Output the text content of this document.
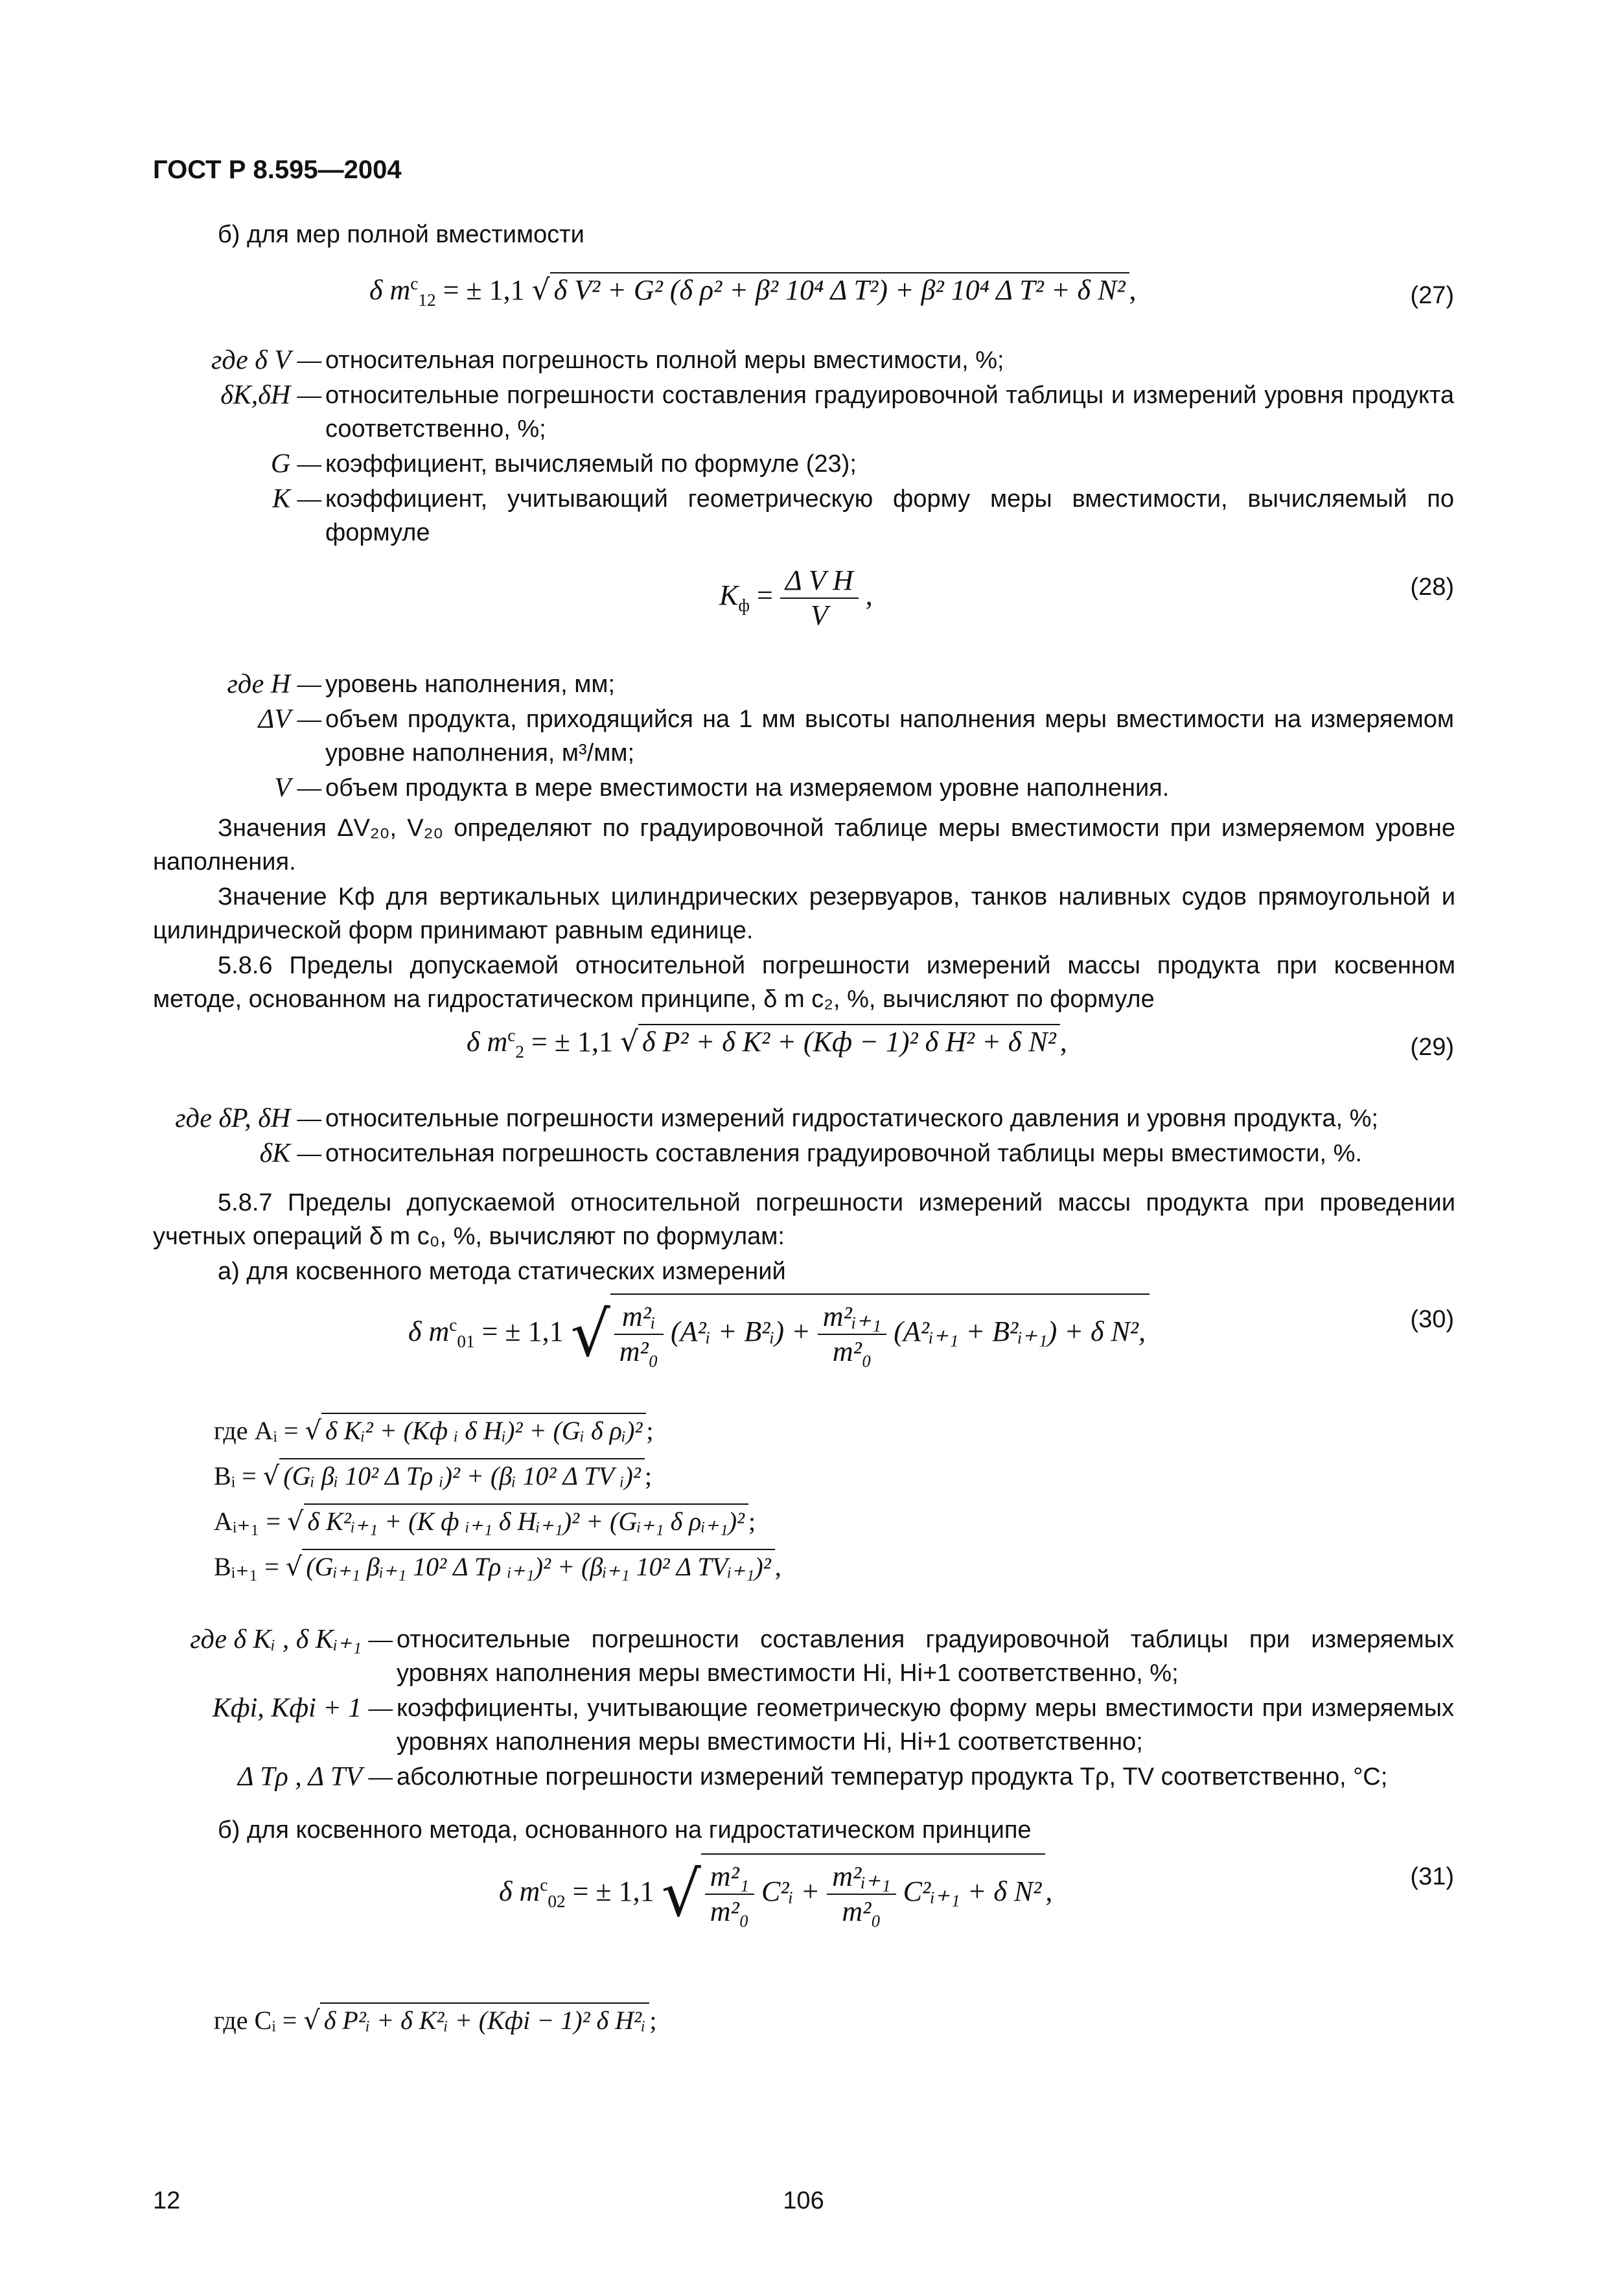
ГОСТ Р 8.595—2004
б) для мер полной вместимости
δ $m^с_{12}$ = ± 1,1 √ δ V² + G² (δ ρ² + β² 10⁴ Δ T²) + β² 10⁴ Δ T² + δ N² ,	(27)
где δ V — относительная погрешность полной меры вместимости, %;
δK,δH — относительные погрешности составления градуировочной таблицы и измерений уровня продукта соответственно, %;
G — коэффициент, вычисляемый по формуле (23);
K — коэффициент, учитывающий геометрическую форму меры вместимости, вычисляемый по формуле
$K_ф = \frac{\text{Δ V H}}{V}$ ,	(28)
где H — уровень наполнения, мм;
ΔV — объем продукта, приходящийся на 1 мм высоты наполнения меры вместимости на измеряемом уровне наполнения, м³/мм;
V — объем продукта в мере вместимости на измеряемом уровне наполнения.
Значения ΔV₂₀, V₂₀ определяют по градуировочной таблице меры вместимости при измеряемом уровне наполнения.
Значение Kф для вертикальных цилиндрических резервуаров, танков наливных судов прямоугольной и цилиндрической форм принимают равным единице.
5.8.6 Пределы допускаемой относительной погрешности измерений массы продукта при косвенном методе, основанном на гидростатическом принципе, δ m с₂, %, вычисляют по формуле
δ $m^с_2$ = ± 1,1 √ δ P² + δ K² + (Kф − 1)² δ H² + δ N² ,	(29)
где δP, δH — относительные погрешности измерений гидростатического давления и уровня продукта, %;
δK — относительная погрешность составления градуировочной таблицы меры вместимости, %.
5.8.7 Пределы допускаемой относительной погрешности измерений массы продукта при проведении учетных операций δ m с₀, %, вычисляют по формулам:
а) для косвенного метода статических измерений
δ $m^с_{01}$ = ± 1,1 √ $\frac{\text{m²ᵢ}}{\text{m²₀}}$ (A²ᵢ + B²ᵢ) + $\frac{\text{m²ᵢ₊₁}}{\text{m²₀}}$ (A²ᵢ₊₁ + B²ᵢ₊₁) + δ N²,	(30)
где Aᵢ = √ δ Kᵢ² + (Kф ᵢ δ Hᵢ)² + (Gᵢ δ ρᵢ)² ;
Bᵢ = √ (Gᵢ βᵢ 10² Δ Tρ ᵢ)² + (βᵢ 10² Δ TV ᵢ)² ;
Aᵢ₊₁ = √ δ K²ᵢ₊₁ + (K ф ᵢ₊₁ δ Hᵢ₊₁)² + (Gᵢ₊₁ δ ρᵢ₊₁)² ;
Bᵢ₊₁ = √ (Gᵢ₊₁ βᵢ₊₁ 10² Δ Tρ ᵢ₊₁)² + (βᵢ₊₁ 10² Δ TVᵢ₊₁)² ,
где δ Kᵢ , δ Kᵢ₊₁ — относительные погрешности составления градуировочной таблицы при измеряемых уровнях наполнения меры вместимости Hi, Hi+1 соответственно, %;
Kфi, Kфi + 1 — коэффициенты, учитывающие геометрическую форму меры вместимости при измеряемых уровнях наполнения меры вместимости Hi, Hi+1 соответственно;
Δ Tρ , Δ TV — абсолютные погрешности измерений температур продукта Tρ, TV соответственно, °С;
б) для косвенного метода, основанного на гидростатическом принципе
δ $m^с_{02}$ = ± 1,1 √ $\frac{\text{m²₁}}{\text{m²₀}}$ C²ᵢ + $\frac{\text{m²ᵢ₊₁}}{\text{m²₀}}$ C²ᵢ₊₁ + δ N² ,	(31)
где Cᵢ = √ δ P²ᵢ + δ K²ᵢ + (Kфi − 1)² δ H²ᵢ ;
12	106
